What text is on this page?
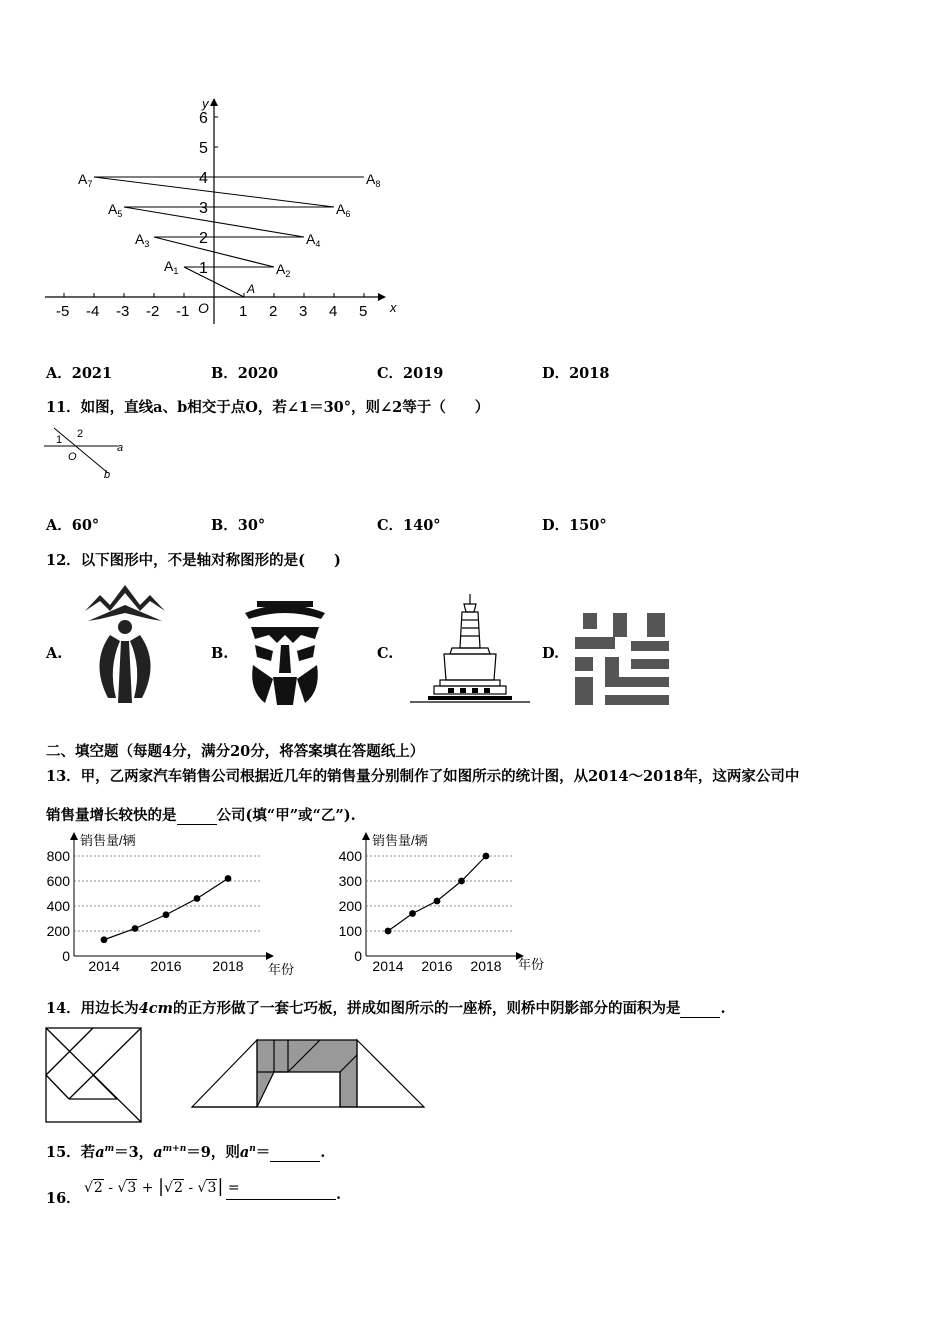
x
y
O
-5 -4 -3 -2 -1	1 2 3 4 5
1
2
3
4
5
6
A
$A_1$	$A_2$
$A_3$	$A_4$
$A_5$	$A_6$
$A_7$	$A_8$
A．2021	B．2020	C．2019	D．2018
11．如图，直线a、b相交于点O，若∠1＝30°，则∠2等于（　　）
1 2
O
a
b
A．60°	B．30°	C．140°	D．150°
12．以下图形中，不是轴对称图形的是(　　)
A.	B.	C.	D.
二、填空题（每题4分，满分20分，将答案填在答题纸上）
13．甲，乙两家汽车销售公司根据近几年的销售量分别制作了如图所示的统计图，从2014～2018年，这两家公司中
销售量增长较快的是	公司(填“甲”或“乙”).
销售量/辆
年份
0
200
400
600
800
2014 2016 2018
销售量/辆
年份
0
100
200
300
400
2014 2016 2018
14．用边长为4cm的正方形做了一套七巧板，拼成如图所示的一座桥，则桥中阴影部分的面积为是	.
15．若$a^m=3$，$a^{m+n}=9$，则$a^n=$	.
16．
√2 - √3 + |√2 - √3| =	.
